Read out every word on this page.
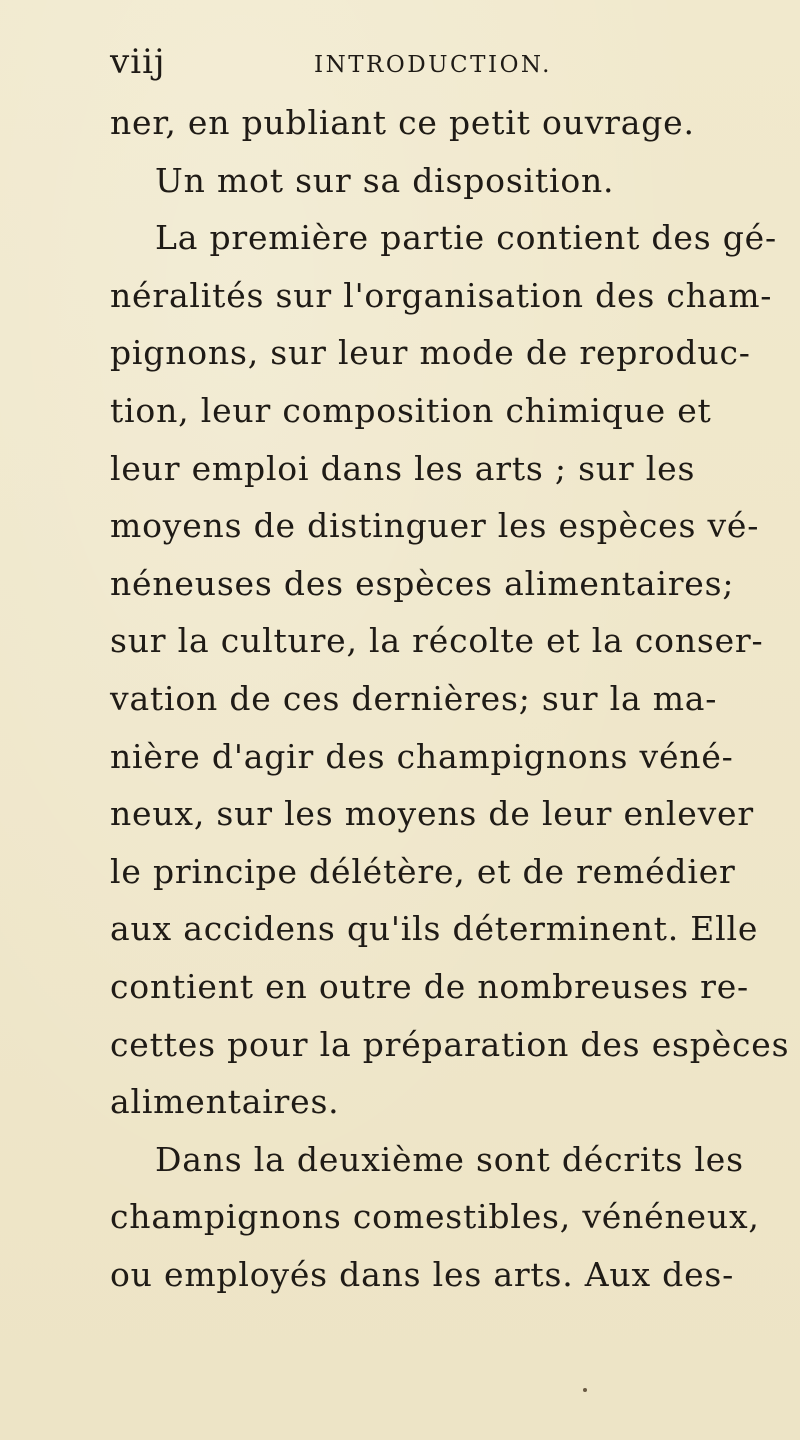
viij	INTRODUCTION.
ner, en publiant ce petit ouvrage.
Un mot sur sa disposition.
La première partie contient des gé-
néralités sur l'organisation des cham-
pignons, sur leur mode de reproduc-
tion, leur composition chimique et
leur emploi dans les arts ; sur les
moyens de distinguer les espèces vé-
néneuses des espèces alimentaires;
sur la culture, la récolte et la conser-
vation de ces dernières; sur la ma-
nière d'agir des champignons véné-
neux, sur les moyens de leur enlever
le principe délétère, et de remédier
aux accidens qu'ils déterminent. Elle
contient en outre de nombreuses re-
cettes pour la préparation des espèces
alimentaires.
Dans la deuxième sont décrits les
champignons comestibles, vénéneux,
ou employés dans les arts. Aux des-
